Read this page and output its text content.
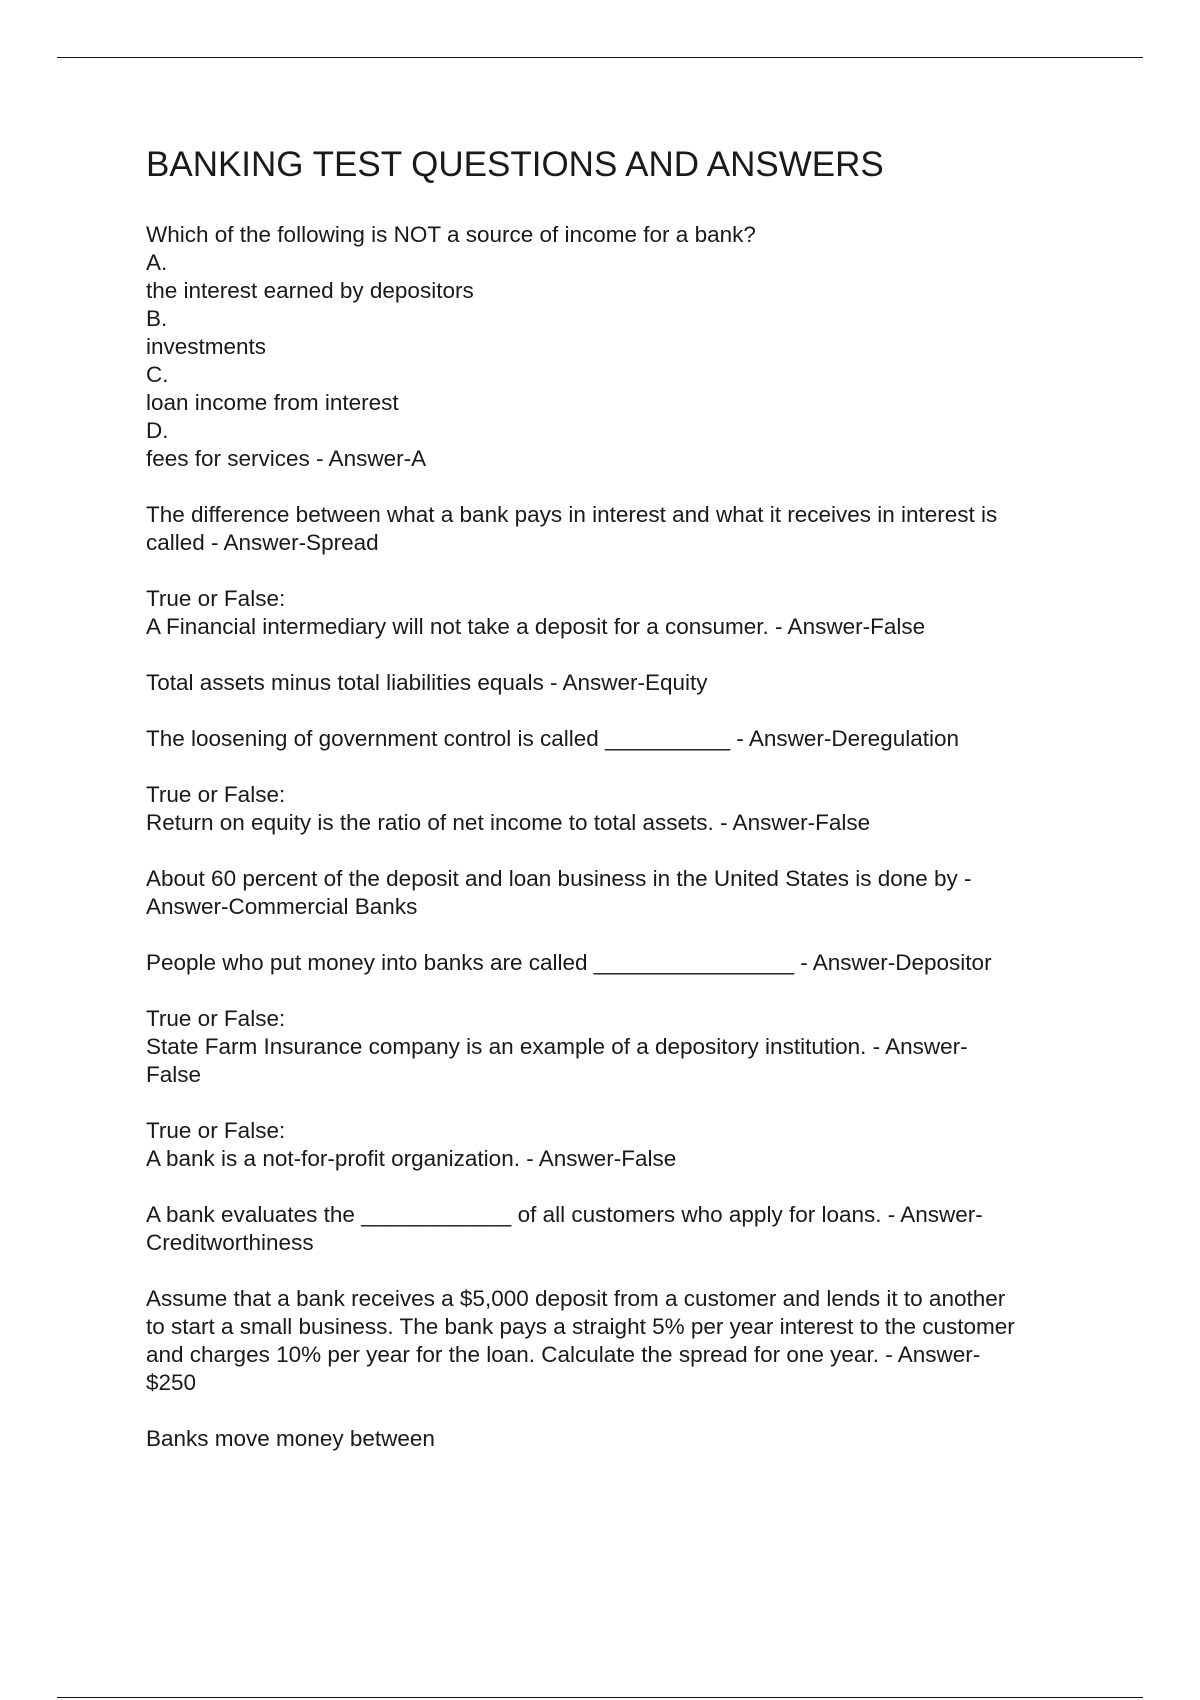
BANKING TEST QUESTIONS AND ANSWERS
Which of the following is NOT a source of income for a bank?
A.
the interest earned by depositors
B.
investments
C.
loan income from interest
D.
fees for services - Answer-A
The difference between what a bank pays in interest and what it receives in interest is
called - Answer-Spread
True or False:
A Financial intermediary will not take a deposit for a consumer. - Answer-False
Total assets minus total liabilities equals - Answer-Equity
The loosening of government control is called __________ - Answer-Deregulation
True or False:
Return on equity is the ratio of net income to total assets. - Answer-False
About 60 percent of the deposit and loan business in the United States is done by -
Answer-Commercial Banks
People who put money into banks are called ________________ - Answer-Depositor
True or False:
State Farm Insurance company is an example of a depository institution. - Answer-
False
True or False:
A bank is a not-for-profit organization. - Answer-False
A bank evaluates the ____________ of all customers who apply for loans. - Answer-
Creditworthiness
Assume that a bank receives a $5,000 deposit from a customer and lends it to another
to start a small business. The bank pays a straight 5% per year interest to the customer
and charges 10% per year for the loan. Calculate the spread for one year. - Answer-
$250
Banks move money between
